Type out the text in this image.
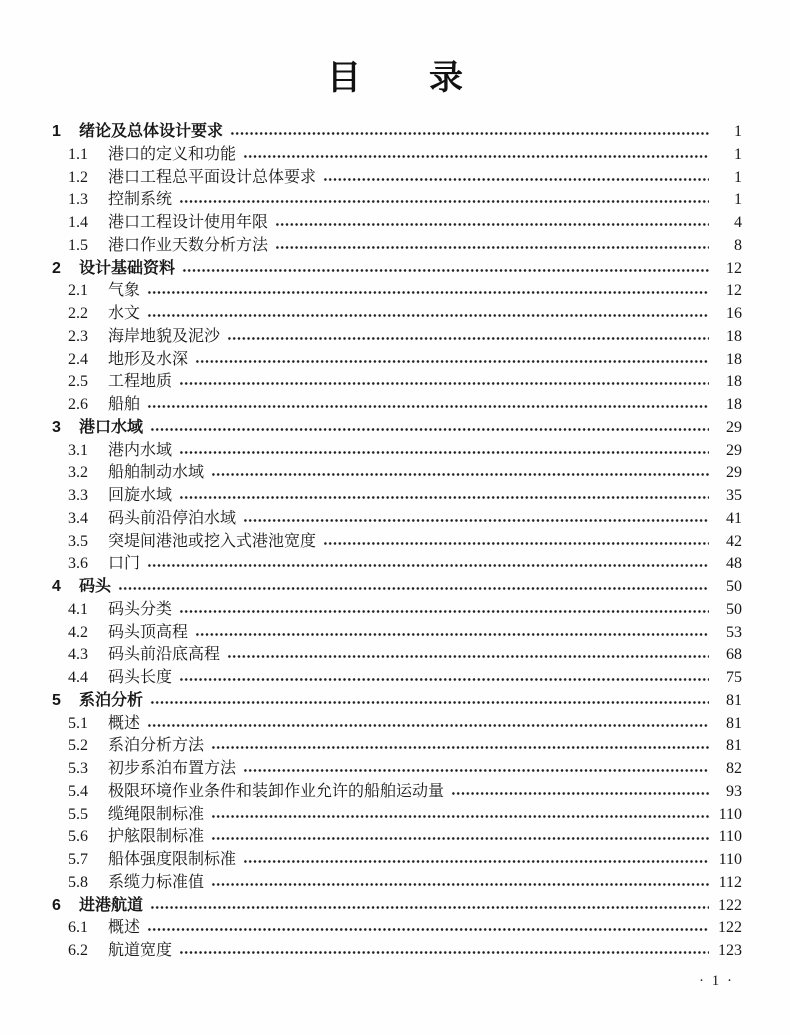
目　　录
1	绪论及总体设计要求	1
1.1	港口的定义和功能	1
1.2	港口工程总平面设计总体要求	1
1.3	控制系统	1
1.4	港口工程设计使用年限	4
1.5	港口作业天数分析方法	8
2	设计基础资料	12
2.1	气象	12
2.2	水文	16
2.3	海岸地貌及泥沙	18
2.4	地形及水深	18
2.5	工程地质	18
2.6	船舶	18
3	港口水域	29
3.1	港内水域	29
3.2	船舶制动水域	29
3.3	回旋水域	35
3.4	码头前沿停泊水域	41
3.5	突堤间港池或挖入式港池宽度	42
3.6	口门	48
4	码头	50
4.1	码头分类	50
4.2	码头顶高程	53
4.3	码头前沿底高程	68
4.4	码头长度	75
5	系泊分析	81
5.1	概述	81
5.2	系泊分析方法	81
5.3	初步系泊布置方法	82
5.4	极限环境作业条件和装卸作业允许的船舶运动量	93
5.5	缆绳限制标准	110
5.6	护舷限制标准	110
5.7	船体强度限制标准	110
5.8	系缆力标准值	112
6	进港航道	122
6.1	概述	122
6.2	航道宽度	123
· 1 ·
